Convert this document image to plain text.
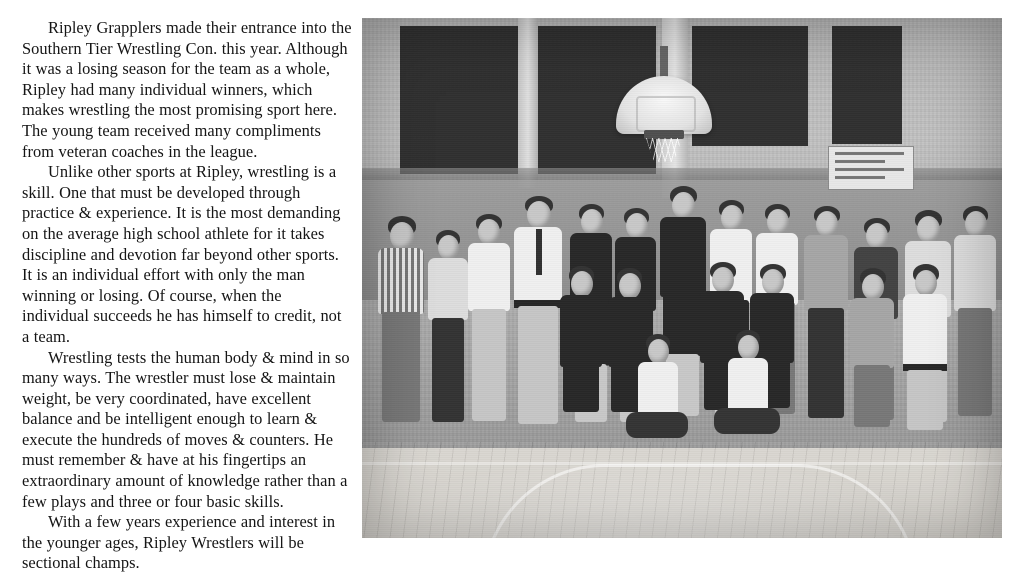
Ripley Grapplers made their entrance into the Southern Tier Wrestling Con. this year. Although it was a losing season for the team as a whole, Ripley had many individual winners, which makes wrestling the most promising sport here. The young team received many compliments from veteran coaches in the league.

Unlike other sports at Ripley, wrestling is a skill. One that must be developed through practice & experience. It is the most demanding on the average high school athlete for it takes discipline and devotion far beyond other sports. It is an individual effort with only the man winning or losing. Of course, when the individual succeeds he has himself to credit, not a team.

Wrestling tests the human body & mind in so many ways. The wrestler must lose & maintain weight, be very coordinated, have excellent balance and be intelligent enough to learn & execute the hundreds of moves & counters. He must remember & have at his fingertips an extraordinary amount of knowledge rather than a few plays and three or four basic skills.

With a few years experience and interest in the younger ages, Ripley Wrestlers will be sectional champs.
